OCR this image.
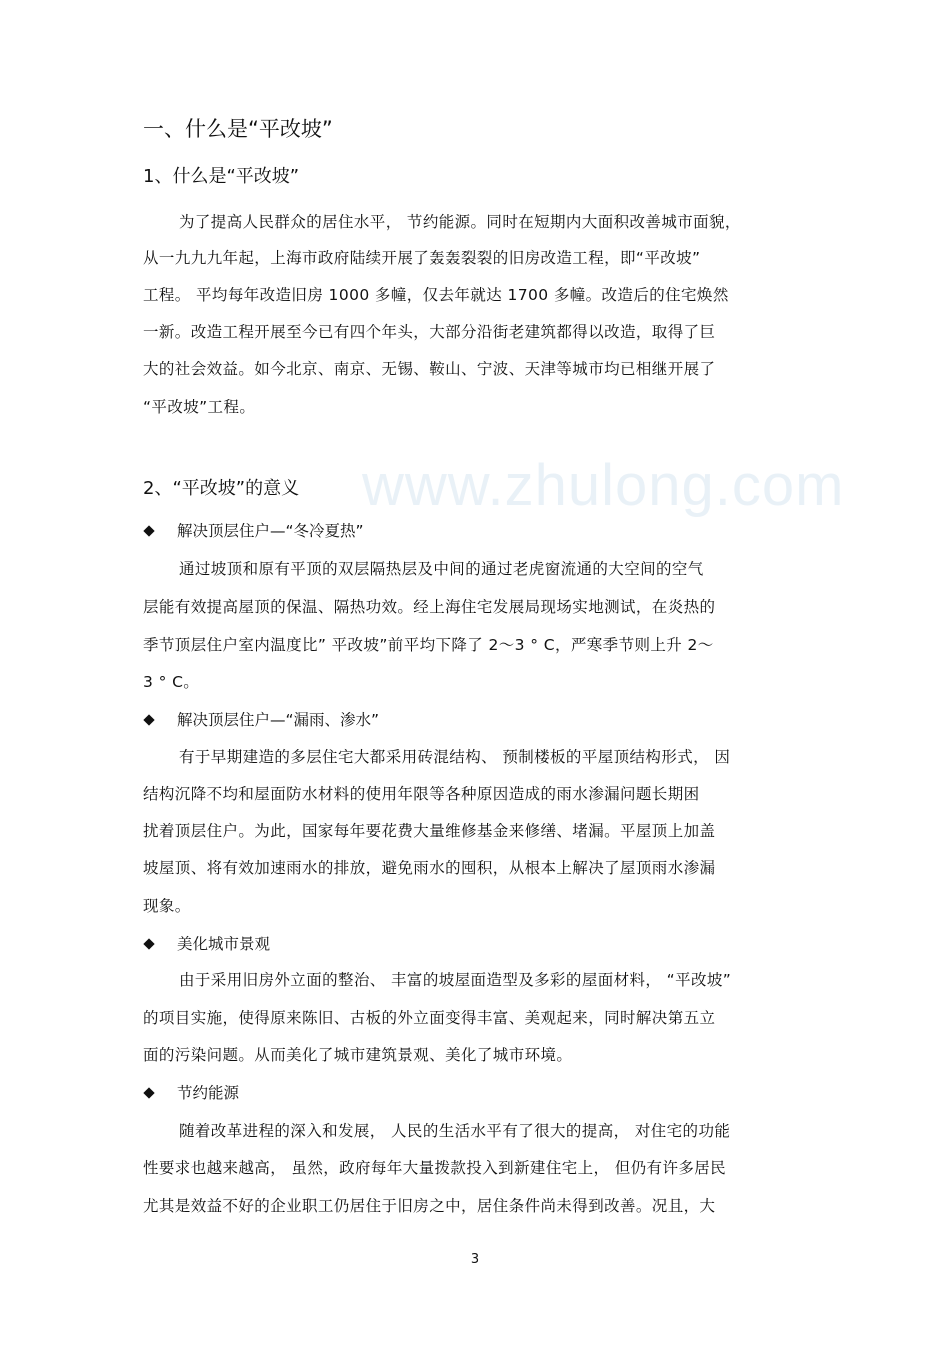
www.zhulong.com
一、什么是“平改坡”
1、什么是“平改坡”
为了提高人民群众的居住水平， 节约能源。同时在短期内大面积改善城市面貌，
从一九九九年起，上海市政府陆续开展了轰轰裂裂的旧房改造工程，即“平改坡”
工程。 平均每年改造旧房 1000 多幢，仅去年就达 1700 多幢。改造后的住宅焕然
一新。改造工程开展至今已有四个年头，大部分沿街老建筑都得以改造，取得了巨
大的社会效益。如今北京、南京、无锡、鞍山、宁波、天津等城市均已相继开展了
“平改坡”工程。
2、“平改坡”的意义
解决顶层住户—“冬冷夏热”
通过坡顶和原有平顶的双层隔热层及中间的通过老虎窗流通的大空间的空气
层能有效提高屋顶的保温、隔热功效。经上海住宅发展局现场实地测试，在炎热的
季节顶层住户室内温度比” 平改坡”前平均下降了 2～3 ° C，严寒季节则上升 2～
3 ° C。
解决顶层住户—“漏雨、渗水”
有于早期建造的多层住宅大都采用砖混结构、 预制楼板的平屋顶结构形式， 因
结构沉降不均和屋面防水材料的使用年限等各种原因造成的雨水渗漏问题长期困
扰着顶层住户。为此，国家每年要花费大量维修基金来修缮、堵漏。平屋顶上加盖
坡屋顶、将有效加速雨水的排放，避免雨水的囤积，从根本上解决了屋顶雨水渗漏
现象。
美化城市景观
由于采用旧房外立面的整治、 丰富的坡屋面造型及多彩的屋面材料， “平改坡”
的项目实施，使得原来陈旧、古板的外立面变得丰富、美观起来，同时解决第五立
面的污染问题。从而美化了城市建筑景观、美化了城市环境。
节约能源
随着改革进程的深入和发展， 人民的生活水平有了很大的提高， 对住宅的功能
性要求也越来越高， 虽然，政府每年大量拨款投入到新建住宅上， 但仍有许多居民
尤其是效益不好的企业职工仍居住于旧房之中，居住条件尚未得到改善。况且，大
3
